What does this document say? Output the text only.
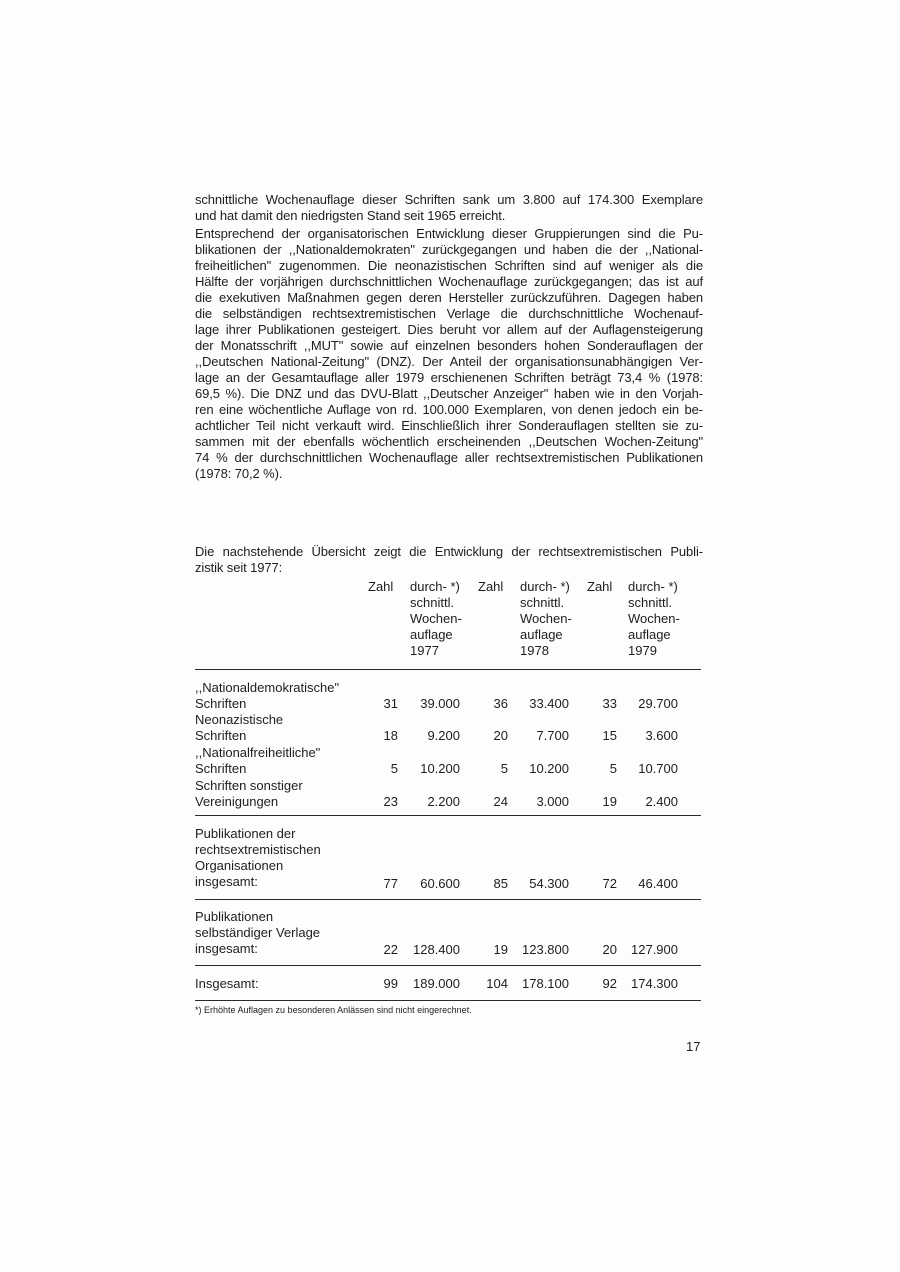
schnittliche Wochenauflage dieser Schriften sank um 3.800 auf 174.300 Exemplare
und hat damit den niedrigsten Stand seit 1965 erreicht.
Entsprechend der organisatorischen Entwicklung dieser Gruppierungen sind die Pu-
blikationen der ,,Nationaldemokraten" zurückgegangen und haben die der ,,National-
freiheitlichen" zugenommen. Die neonazistischen Schriften sind auf weniger als die
Hälfte der vorjährigen durchschnittlichen Wochenauflage zurückgegangen; das ist auf
die exekutiven Maßnahmen gegen deren Hersteller zurückzuführen. Dagegen haben
die selbständigen rechtsextremistischen Verlage die durchschnittliche Wochenauf-
lage ihrer Publikationen gesteigert. Dies beruht vor allem auf der Auflagensteigerung
der Monatsschrift ,,MUT" sowie auf einzelnen besonders hohen Sonderauflagen der
,,Deutschen National-Zeitung" (DNZ). Der Anteil der organisationsunabhängigen Ver-
lage an der Gesamtauflage aller 1979 erschienenen Schriften beträgt 73,4 % (1978:
69,5 %). Die DNZ und das DVU-Blatt ,,Deutscher Anzeiger" haben wie in den Vorjah-
ren eine wöchentliche Auflage von rd. 100.000 Exemplaren, von denen jedoch ein be-
achtlicher Teil nicht verkauft wird. Einschließlich ihrer Sonderauflagen stellten sie zu-
sammen mit der ebenfalls wöchentlich erscheinenden ,,Deutschen Wochen-Zeitung"
74 % der durchschnittlichen Wochenauflage aller rechtsextremistischen Publikationen
(1978: 70,2 %).
Die nachstehende Übersicht zeigt die Entwicklung der rechtsextremistischen Publi-
zistik seit 1977:
Zahl durch- *)
schnittl.
Wochen-
auflage
1977
Zahl durch- *)
schnittl.
Wochen-
auflage
1978
Zahl durch- *)
schnittl.
Wochen-
auflage
1979
,,Nationaldemokratische"
Schriften	31 39.000	36 33.400	33 29.700
Neonazistische
Schriften	18 9.200	20 7.700	15 3.600
,,Nationalfreiheitliche"
Schriften	5 10.200	5 10.200	5 10.700
Schriften sonstiger
Vereinigungen	23 2.200	24 3.000	19 2.400
Publikationen der
rechtsextremistischen
Organisationen
insgesamt:	77 60.600	85 54.300	72 46.400
Publikationen
selbständiger Verlage
insgesamt:	22 128.400	19 123.800	20 127.900
Insgesamt:	99 189.000 104 178.100	92 174.300
*) Erhöhte Auflagen zu besonderen Anlässen sind nicht eingerechnet.
17
